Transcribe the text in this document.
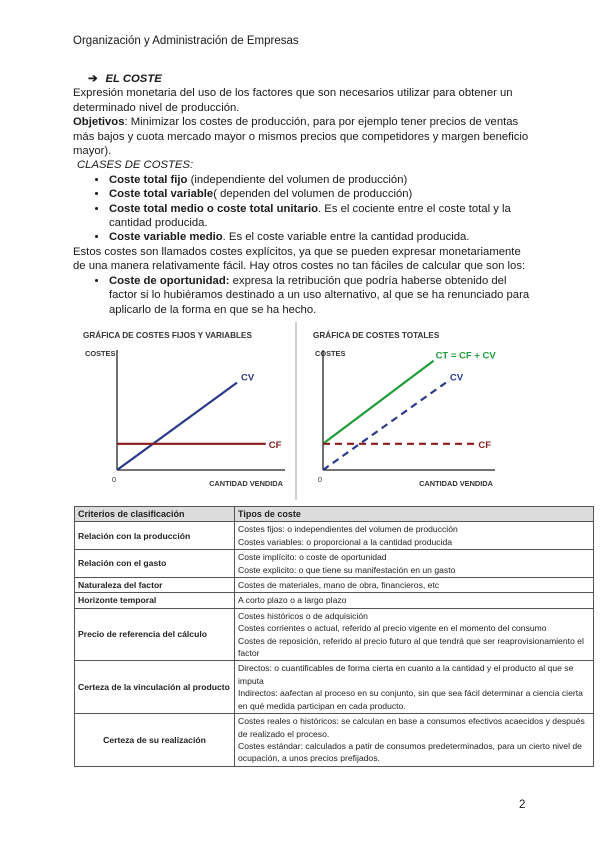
Organización y Administración de Empresas

➔ EL COSTE

Expresión monetaria del uso de los factores que son necesarios utilizar para obtener un determinado nivel de producción.

Objetivos: Minimizar los costes de producción, para por ejemplo tener precios de ventas más bajos y cuota mercado mayor o mismos precios que competidores y margen beneficio mayor).

CLASES DE COSTES:

• Coste total fijo (independiente del volumen de producción)
• Coste total variable( dependen del volumen de producción)
• Coste total medio o coste total unitario. Es el cociente entre el coste total y la cantidad producida.
• Coste variable medio. Es el coste variable entre la cantidad producida.

Estos costes son llamados costes explícitos, ya que se pueden expresar monetariamente de una manera relativamente fácil. Hay otros costes no tan fáciles de calcular que son los:

• Coste de oportunidad: expresa la retribución que podría haberse obtenido del factor si lo hubiéramos destinado a un uso alternativo, al que se ha renunciado para aplicarlo de la forma en que se ha hecho.
GRÁFICA DE COSTES FIJOS Y VARIABLES
COSTES
0	CANTIDAD VENDIDA
CV
CF
GRÁFICA DE COSTES TOTALES
COSTES
0	CANTIDAD VENDIDA
CT = CF + CV
CV
CF
Criterios de clasificación	Tipos de coste
Relación con la producción	Costes fijos: o independientes del volumen de producción
Costes variables: o proporcional a la cantidad producida

Relación con el gasto	Coste implícito: o coste de oportunidad
Coste explicito: o que tiene su manifestación en un gasto

Naturaleza del factor	Costes de materiales, mano de obra, financieros, etc

Horizonte temporal	A corto plazo o a largo plazo

Precio de referencia del cálculo	Costes históricos o de adquisición
Costes corrientes o actual, referido al precio vigente en el momento del consumo
Costes de reposición, referido al precio futuro al que tendrá que ser reaprovisionamiento el factor

Certeza de la vinculación al producto	Directos: o cuantificables de forma cierta en cuanto a la cantidad y el producto al que se imputa
Indirectos: aafectan al proceso en su conjunto, sin que sea fácil determinar a ciencia cierta en qué medida participan en cada producto.

Certeza de su realización	Costes reales o históricos: se calculan en base a consumos efectivos acaecidos y después de realizado el proceso.
Costes estándar: calculados a patir de consumos predeterminados, para un cierto nivel de ocupación, a unos precios prefijados.
2
